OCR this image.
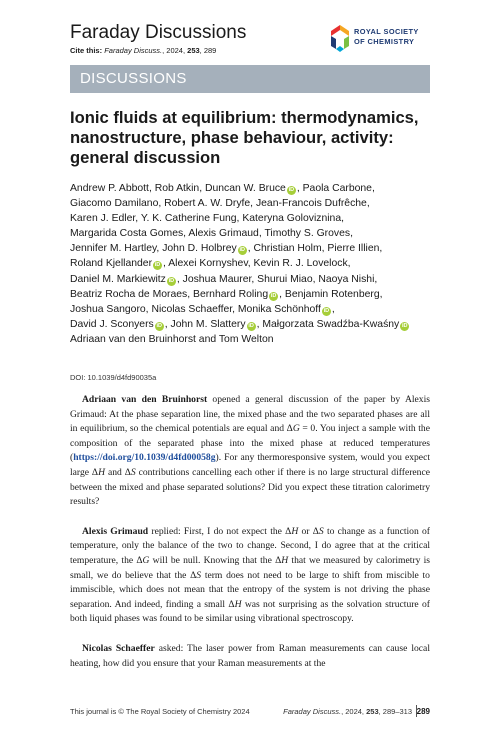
Faraday Discussions
Cite this: Faraday Discuss., 2024, 253, 289
ROYAL SOCIETY
OF CHEMISTRY
DISCUSSIONS
Ionic fluids at equilibrium: thermodynamics, nanostructure, phase behaviour, activity: general discussion
Andrew P. Abbott, Rob Atkin, Duncan W. Bruce iD , Paola Carbone,
Giacomo Damilano, Robert A. W. Dryfe, Jean-Francois Dufrêche,
Karen J. Edler, Y. K. Catherine Fung, Kateryna Goloviznina,
Margarida Costa Gomes, Alexis Grimaud, Timothy S. Groves,
Jennifer M. Hartley, John D. Holbrey iD , Christian Holm, Pierre Illien,
Roland Kjellander iD , Alexei Kornyshev, Kevin R. J. Lovelock,
Daniel M. Markiewitz iD , Joshua Maurer, Shurui Miao, Naoya Nishi,
Beatriz Rocha de Moraes, Bernhard Roling iD , Benjamin Rotenberg,
Joshua Sangoro, Nicolas Schaeffer, Monika Schönhoff iD ,
David J. Sconyers iD , John M. Slattery iD , Małgorzata Swadźba-Kwaśny iD
Adriaan van den Bruinhorst and Tom Welton
DOI: 10.1039/d4fd90035a

Adriaan van den Bruinhorst opened a general discussion of the paper by Alexis Grimaud: At the phase separation line, the mixed phase and the two separated phases are all in equilibrium, so the chemical potentials are equal and ΔG = 0. You inject a sample with the composition of the separated phase into the mixed phase at reduced temperatures (https://doi.org/10.1039/d4fd00058g). For any thermoresponsive system, would you expect large ΔH and ΔS contributions cancelling each other if there is no large structural difference between the mixed and phase separated solutions? Did you expect these titration calorimetry results?

Alexis Grimaud replied: First, I do not expect the ΔH or ΔS to change as a function of temperature, only the balance of the two to change. Second, I do agree that at the critical temperature, the ΔG will be null. Knowing that the ΔH that we measured by calorimetry is small, we do believe that the ΔS term does not need to be large to shift from miscible to immiscible, which does not mean that the entropy of the system is not driving the phase separation. And indeed, finding a small ΔH was not surprising as the solvation structure of both liquid phases was found to be similar using vibrational spectroscopy.

Nicolas Schaeffer asked: The laser power from Raman measurements can cause local heating, how did you ensure that your Raman measurements at the

This journal is © The Royal Society of Chemistry 2024	Faraday Discuss., 2024, 253, 289–313 289
